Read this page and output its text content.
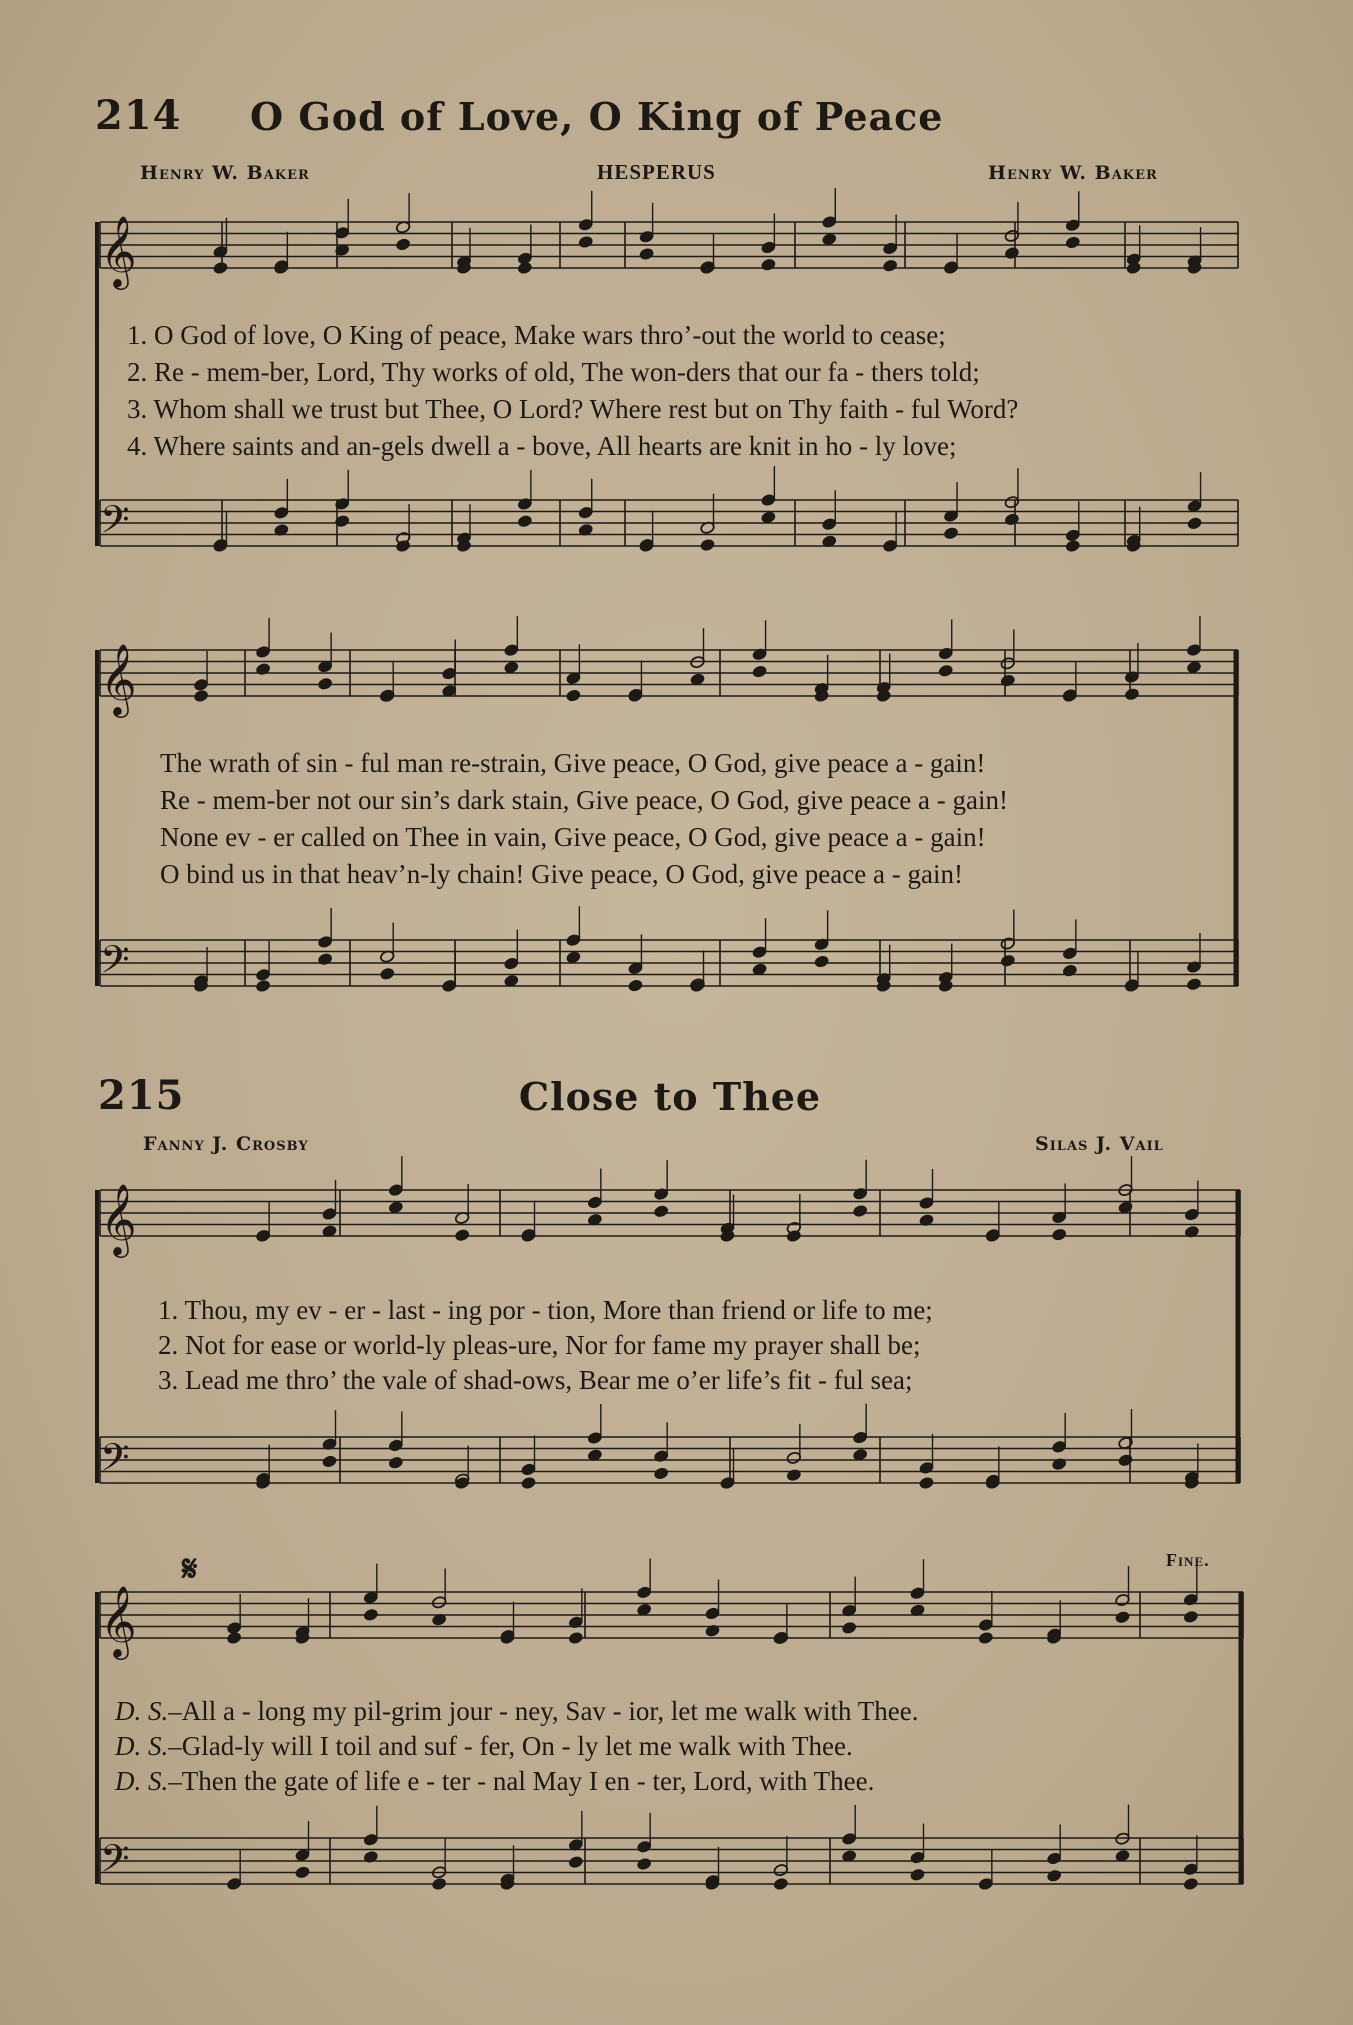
214 O God of Love, O King of Peace
Henry W. Baker	HESPERUS	Henry W. Baker
𝄞
𝄢
𝄞
𝄢
𝄞
𝄢
𝄞
𝄢
1. O God of love, O King of peace, Make wars thro’-out the world to cease;
2. Re - mem-ber, Lord, Thy works of old, The won-ders that our fa - thers told;
3. Whom shall we trust but Thee, O Lord? Where rest but on Thy faith - ful Word?
4. Where saints and an-gels dwell a - bove, All hearts are knit in ho - ly love;
The wrath of sin - ful man re-strain, Give peace, O God, give peace a - gain!
Re - mem-ber not our sin’s dark stain, Give peace, O God, give peace a - gain!
None ev - er called on Thee in vain, Give peace, O God, give peace a - gain!
O bind us in that heav’n-ly chain! Give peace, O God, give peace a - gain!
215	Close to Thee
Fanny J. Crosby	Silas J. Vail
1. Thou, my ev - er - last - ing por - tion, More than friend or life to me;
2. Not for ease or world-ly pleas-ure, Nor for fame my prayer shall be;
3. Lead me thro’ the vale of shad-ows, Bear me o’er life’s fit - ful sea;
𝄋	Fine.
D. S.–All a - long my pil-grim jour - ney, Sav - ior, let me walk with Thee.
D. S.–Glad-ly will I toil and suf - fer, On - ly let me walk with Thee.
D. S.–Then the gate of life e - ter - nal May I en - ter, Lord, with Thee.
